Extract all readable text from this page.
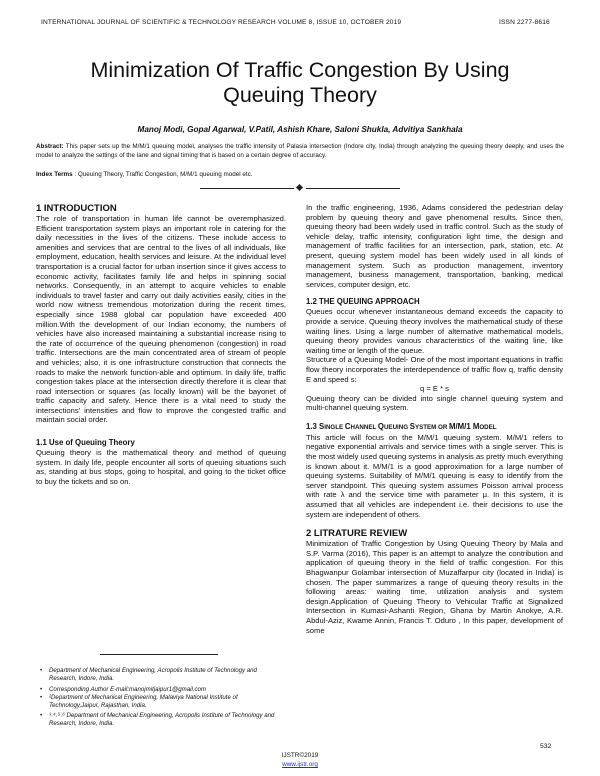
INTERNATIONAL JOURNAL OF SCIENTIFIC & TECHNOLOGY RESEARCH VOLUME 8, ISSUE 10, OCTOBER 2019	ISSN 2277-8616
Minimization Of Traffic Congestion By Using
Queuing Theory
Manoj Modi, Gopal Agarwal, V.Patil, Ashish Khare, Saloni Shukla, Advitiya Sankhala
Abstract: This paper sets up the M/M/1 queuing model, analyses the traffic intensity of Palasia intersection (Indore city, India) through analyzing the queuing theory deeply, and uses the model to analyze the settings of the lane and signal timing that is based on a certain degree of accuracy.
Index Terms : Queuing Theory, Traffic Congestion, M/M/1 queuing model etc.
1 INTRODUCTION

The role of transportation in human life cannot be overemphasized. Efficient transportation system plays an important role in catering for the daily necessities in the lives of the citizens. These include access to amenities and services that are central to the lives of all individuals, like employment, education, health services and leisure. At the individual level transportation is a crucial factor for urban insertion since it gives access to economic activity, facilitates family life and helps in spinning social networks. Consequently, in an attempt to acquire vehicles to enable individuals to travel faster and carry out daily activities easily, cities in the world now witness tremendous motorization during the recent times, especially since 1988 global car population have exceeded 400 million.With the development of our Indian economy, the numbers of vehicles have also increased maintaining a substantial increase rising to the rate of occurrence of the queuing phenomenon (congestion) in road traffic. Intersections are the main concentrated area of stream of people and vehicles; also, it is one infrastructure construction that connects the roads to make the network function-able and optimum. In daily life, traffic congestion takes place at the intersection directly therefore it is clear that road intersection or squares (as locally known) will be the bayonet of traffic capacity and safety. Hence there is a vital need to study the intersections' intensities and flow to improve the congested traffic and maintain social order.

1.1 Use of Queuing Theory

Queuing theory is the mathematical theory and method of queuing system. In daily life, people encounter all sorts of queuing situations such as, standing at bus stops, going to hospital, and going to the ticket office to buy the tickets and so on.

• Department of Mechanical Engineering, Acropolis Institute of Technology and Research, Indore, India.
• Corresponding Author E-mail:manojmitjaipur1@gmail.com
• ²Department of Mechanical Engineering, Malaviya National Institute of Technology,Jaipur, Rajasthan, India.
• ³˒⁴˒⁵˒⁶ Department of Mechanical Engineering, Acropolis Institute of Technology and Research, Indore, India.

In the traffic engineering, 1936, Adams considered the pedestrian delay problem by queuing theory and gave phenomenal results. Since then, queuing theory had been widely used in traffic control. Such as the study of vehicle delay, traffic intensity, configuration light time, the design and management of traffic facilities for an intersection, park, station, etc. At present, queuing system model has been widely used in all kinds of management system. Such as production management, inventory management, business management, transportation, banking, medical services, computer design, etc.

1.2 THE QUEUING APPROACH

Queues occur whenever instantaneous demand exceeds the capacity to provide a service. Queuing theory involves the mathematical study of these waiting lines. Using a large number of alternative mathematical models, queuing theory provides various characteristics of the waiting line, like waiting time or length of the queue.

Structure of a Queuing Model- One of the most important equations in traffic flow theory incorporates the interdependence of traffic flow q, traffic density E and speed s:

q = E * s

Queuing theory can be divided into single channel queuing system and multi-channel queuing system.

1.3 SINGLE CHANNEL QUEUING SYSTEM OR M/M/1 MODEL

This article will focus on the M/M/1 queuing system. M/M/1 refers to negative exponential arrivals and service times with a single server. This is the most widely used queuing systems in analysis as pretty much everything is known about it. M/M/1 is a good approximation for a large number of queuing systems. Suitability of M/M/1 queuing is easy to identify from the server standpoint. This queuing system assumes Poisson arrival process with rate λ and the service time with parameter μ. In this system, it is assumed that all vehicles are independent i.e. their decisions to use the system are independent of others.

2 LITRATURE REVIEW

Minimization of Traffic Congestion by Using Queuing Theory by Mala and S.P. Varma (2016), This paper is an attempt to analyze the contribution and application of queuing theory in the field of traffic congestion. For this Bhagwanpur Golambar intersection of Muzaffarpur city (located in India) is chosen. The paper summarizes a range of queuing theory results in the following areas: waiting time, utilization analysis and system design.Application of Queuing Theory to Vehicular Traffic at Signalized Intersection in Kumasi-Ashanti Region, Ghana by Martin Anokye, A.R. Abdul-Aziz, Kwame Annin, Francis T. Oduro , In this paper, development of some

532
IJSTR©2019
www.ijstr.org
